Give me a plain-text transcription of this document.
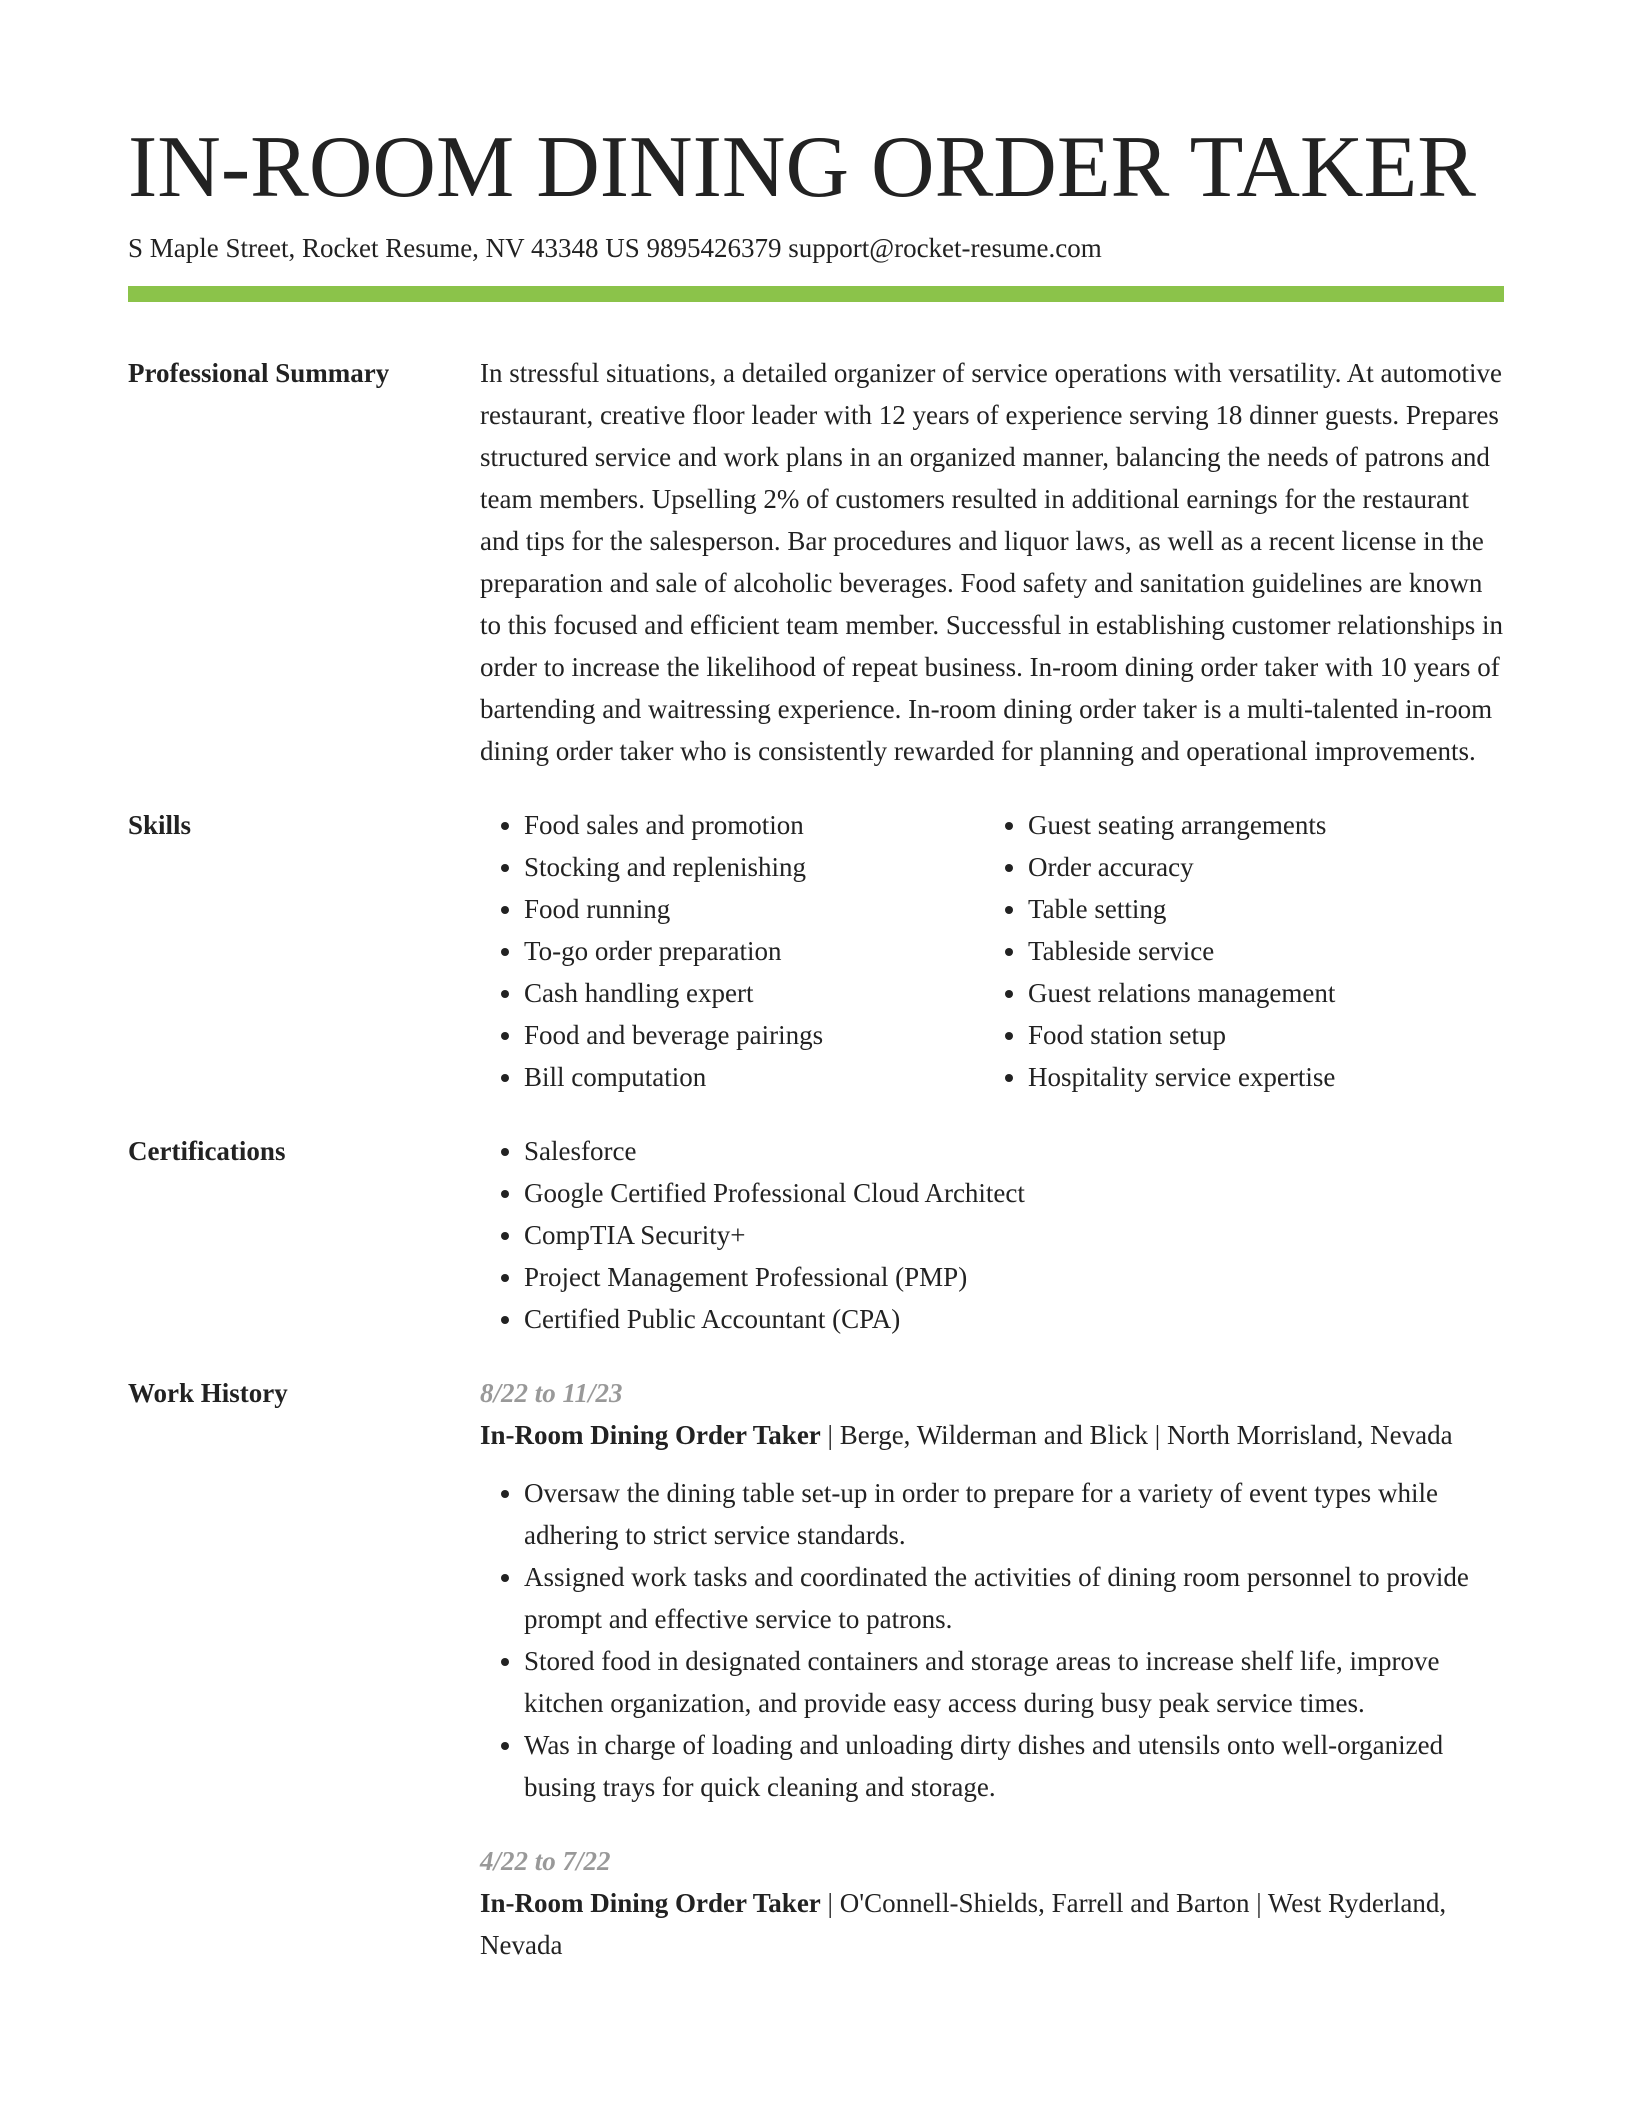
IN-ROOM DINING ORDER TAKER
S Maple Street, Rocket Resume, NV 43348 US 9895426379 support@rocket-resume.com
Professional Summary	In stressful situations, a detailed organizer of service operations with versatility. At automotive restaurant, creative floor leader with 12 years of experience serving 18 dinner guests. Prepares structured service and work plans in an organized manner, balancing the needs of patrons and team members. Upselling 2% of customers resulted in additional earnings for the restaurant and tips for the salesperson. Bar procedures and liquor laws, as well as a recent license in the preparation and sale of alcoholic beverages. Food safety and sanitation guidelines are known to this focused and efficient team member. Successful in establishing customer relationships in order to increase the likelihood of repeat business. In-room dining order taker with 10 years of bartending and waitressing experience. In-room dining order taker is a multi-talented in-room dining order taker who is consistently rewarded for planning and operational improvements.
Skills	• Food sales and promotion
• Stocking and replenishing
• Food running
• To-go order preparation
• Cash handling expert
• Food and beverage pairings
• Bill computation
• Guest seating arrangements
• Order accuracy
• Table setting
• Tableside service
• Guest relations management
• Food station setup
• Hospitality service expertise
Certifications	• Salesforce
• Google Certified Professional Cloud Architect
• CompTIA Security+
• Project Management Professional (PMP)
• Certified Public Accountant (CPA)
Work History	8/22 to 11/23
In-Room Dining Order Taker | Berge, Wilderman and Blick | North Morrisland, Nevada
• Oversaw the dining table set-up in order to prepare for a variety of event types while adhering to strict service standards.
• Assigned work tasks and coordinated the activities of dining room personnel to provide prompt and effective service to patrons.
• Stored food in designated containers and storage areas to increase shelf life, improve kitchen organization, and provide easy access during busy peak service times.
• Was in charge of loading and unloading dirty dishes and utensils onto well-organized busing trays for quick cleaning and storage.
4/22 to 7/22
In-Room Dining Order Taker | O'Connell-Shields, Farrell and Barton | West Ryderland, Nevada
